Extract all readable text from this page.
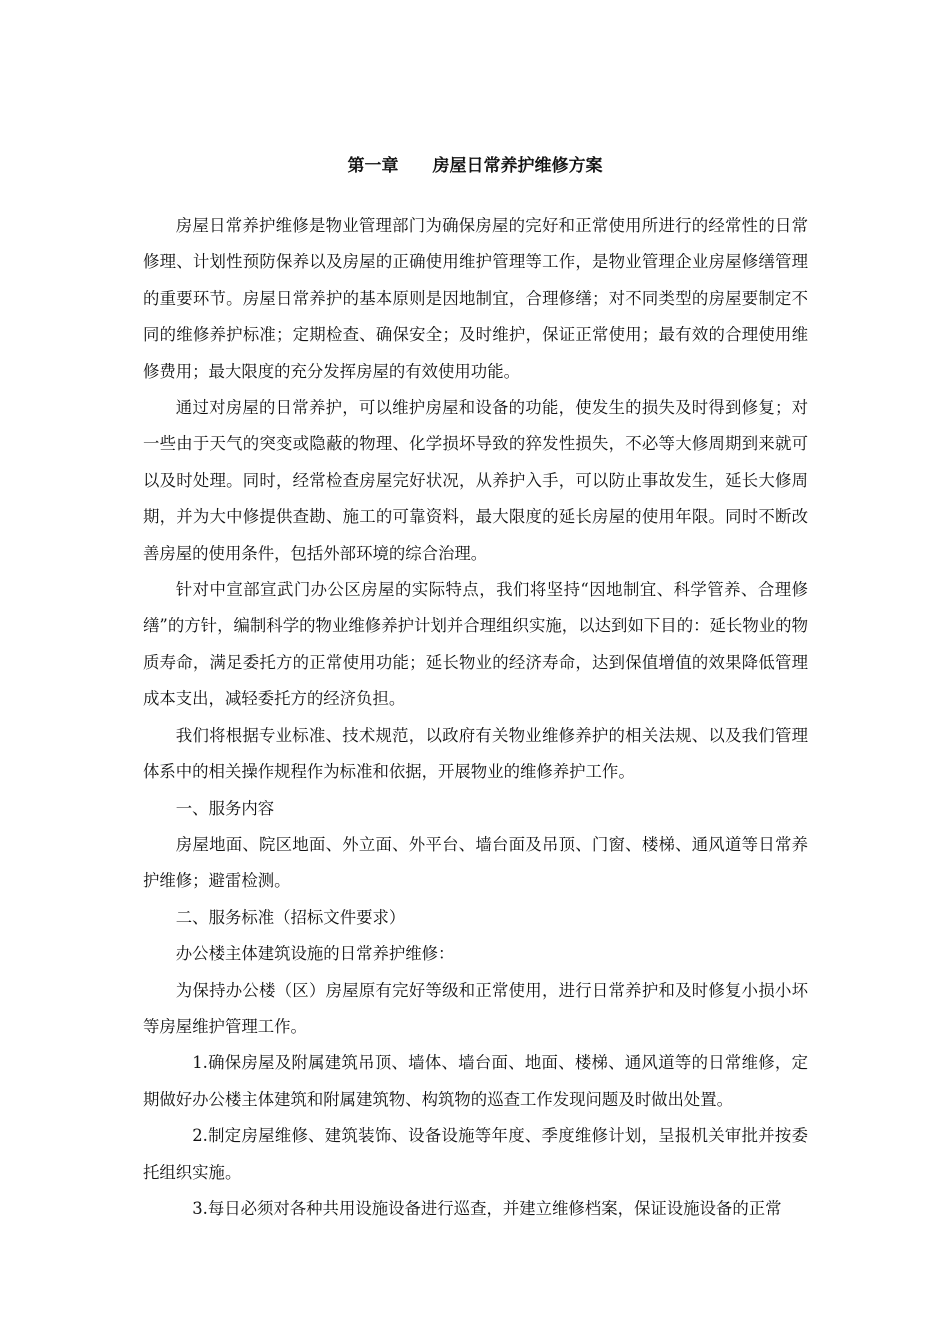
第一章　　房屋日常养护维修方案

房屋日常养护维修是物业管理部门为确保房屋的完好和正常使用所进行的经常性的日常修理、计划性预防保养以及房屋的正确使用维护管理等工作，是物业管理企业房屋修缮管理的重要环节。房屋日常养护的基本原则是因地制宜，合理修缮；对不同类型的房屋要制定不同的维修养护标准；定期检查、确保安全；及时维护，保证正常使用；最有效的合理使用维修费用；最大限度的充分发挥房屋的有效使用功能。

通过对房屋的日常养护，可以维护房屋和设备的功能，使发生的损失及时得到修复；对一些由于天气的突变或隐蔽的物理、化学损坏导致的猝发性损失，不必等大修周期到来就可以及时处理。同时，经常检查房屋完好状况，从养护入手，可以防止事故发生，延长大修周期，并为大中修提供查勘、施工的可靠资料，最大限度的延长房屋的使用年限。同时不断改善房屋的使用条件，包括外部环境的综合治理。

针对中宣部宣武门办公区房屋的实际特点，我们将坚持“因地制宜、科学管养、合理修缮”的方针，编制科学的物业维修养护计划并合理组织实施，以达到如下目的：延长物业的物质寿命，满足委托方的正常使用功能；延长物业的经济寿命，达到保值增值的效果降低管理成本支出，减轻委托方的经济负担。

我们将根据专业标准、技术规范，以政府有关物业维修养护的相关法规、以及我们管理体系中的相关操作规程作为标准和依据，开展物业的维修养护工作。

一、服务内容

房屋地面、院区地面、外立面、外平台、墙台面及吊顶、门窗、楼梯、通风道等日常养护维修；避雷检测。

二、服务标准（招标文件要求）

办公楼主体建筑设施的日常养护维修：

为保持办公楼（区）房屋原有完好等级和正常使用，进行日常养护和及时修复小损小坏等房屋维护管理工作。

1.确保房屋及附属建筑吊顶、墙体、墙台面、地面、楼梯、通风道等的日常维修，定期做好办公楼主体建筑和附属建筑物、构筑物的巡查工作发现问题及时做出处置。

2.制定房屋维修、建筑装饰、设备设施等年度、季度维修计划，呈报机关审批并按委托组织实施。

3.每日必须对各种共用设施设备进行巡查，并建立维修档案，保证设施设备的正常
